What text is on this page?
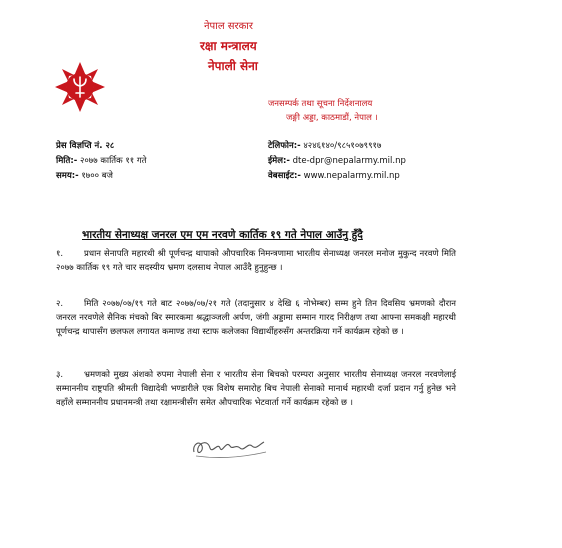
नेपाल सरकार
रक्षा मन्त्रालय
नेपाली सेना
जनसम्पर्क तथा सूचना निर्देशनालय
जङ्गी अड्डा, काठमाडौं, नेपाल ।
प्रेस विज्ञप्ति नं. २८
मिति:- २०७७ कार्तिक ११ गते
समय:- १७०० बजे
टेलिफोन:- ४२४६१४०/९८५१०७९९१७
ईमेल:- dte-dpr@nepalarmy.mil.np
वेबसाईट:- www.nepalarmy.mil.np
भारतीय सेनाध्यक्ष जनरल एम एम नरवणे कार्तिक १९ गते नेपाल आउँनु हुँदै
१. प्रधान सेनापति महारथी श्री पूर्णचन्द्र थापाको औपचारिक निमन्त्रणामा भारतीय सेनाध्यक्ष जनरल मनोज मुकुन्द नरवणे मिति २०७७ कार्तिक १९ गते चार सदस्यीय भ्रमण दलसाथ नेपाल आउँदै हुनुहुन्छ ।
२. मिति २०७७/०७/१९ गते बाट २०७७/०७/२१ गते (तदानुसार ४ देखि ६ नोभेम्बर) सम्म हुने तिन दिवसिय भ्रमणको दौरान जनरल नरवणेले सैनिक मंचको बिर स्मारकमा श्रद्धाञ्जली अर्पण, जंगी अड्डामा सम्मान गारद निरीक्षण तथा आफ्ना समकक्षी महारथी पूर्णचन्द्र थापासँग छलफल लगायत कमाण्ड तथा स्टाफ कलेजका विद्यार्थीहरुसँग अन्तरक्रिया गर्ने कार्यक्रम रहेको छ ।
३. भ्रमणको मुख्य अंशको रुपमा नेपाली सेना र भारतीय सेना बिचको परम्परा अनुसार भारतीय सेनाध्यक्ष जनरल नरवणेलाई सम्माननीय राष्ट्रपति श्रीमती विद्यादेवी भण्डारीले एक विशेष समारोह बिच नेपाली सेनाको मानार्थ महारथी दर्जा प्रदान गर्नु हुनेछ भने वहाँले सम्माननीय प्रधानमन्त्री तथा रक्षामन्त्रीसँग समेत औपचारिक भेटवार्ता गर्ने कार्यक्रम रहेको छ ।
